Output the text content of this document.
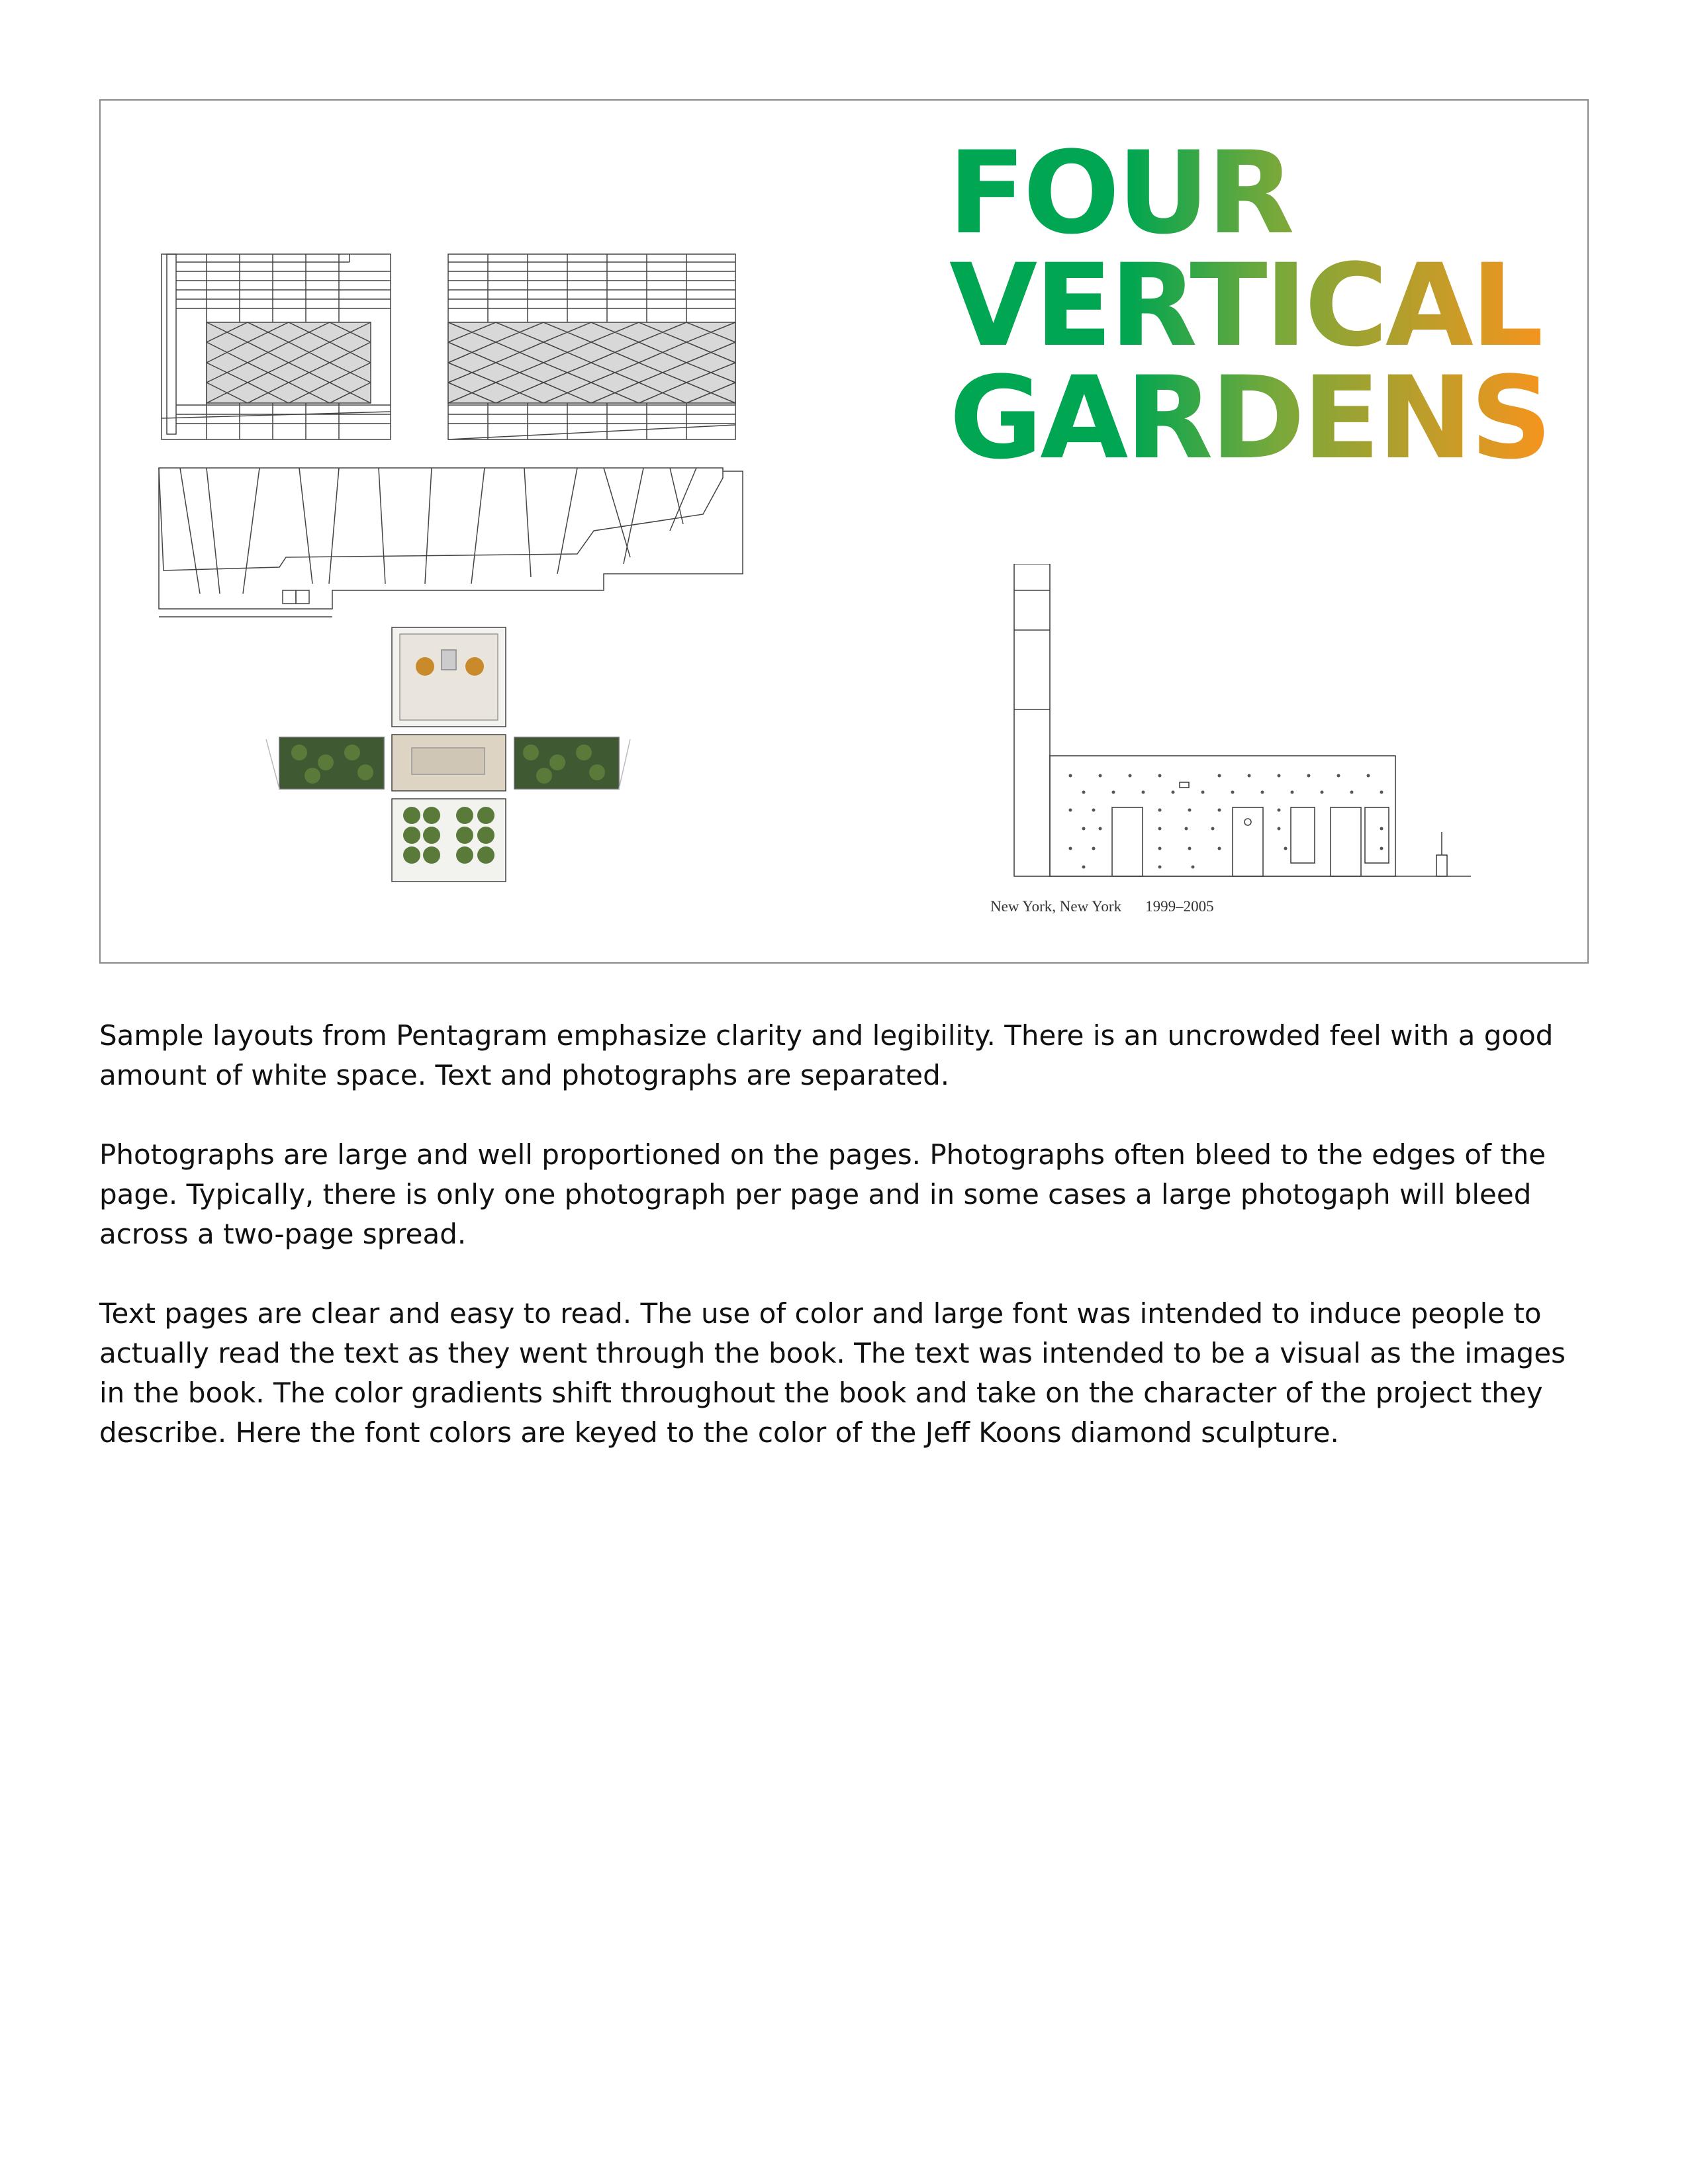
FOUR
VERTICAL
GARDENS

New York, New York 1999–2005

Sample layouts from Pentagram emphasize clarity and legibility. There is an uncrowded feel with a good amount of white space. Text and photographs are separated.

Photographs are large and well proportioned on the pages. Photographs often bleed to the edges of the page. Typically, there is only one photograph per page and in some cases a large photogaph will bleed across a two-page spread.

Text pages are clear and easy to read. The use of color and large font was intended to induce people to actually read the text as they went through the book. The text was intended to be a visual as the images in the book. The color gradients shift throughout the book and take on the character of the project they describe. Here the font colors are keyed to the color of the Jeff Koons diamond sculpture.
